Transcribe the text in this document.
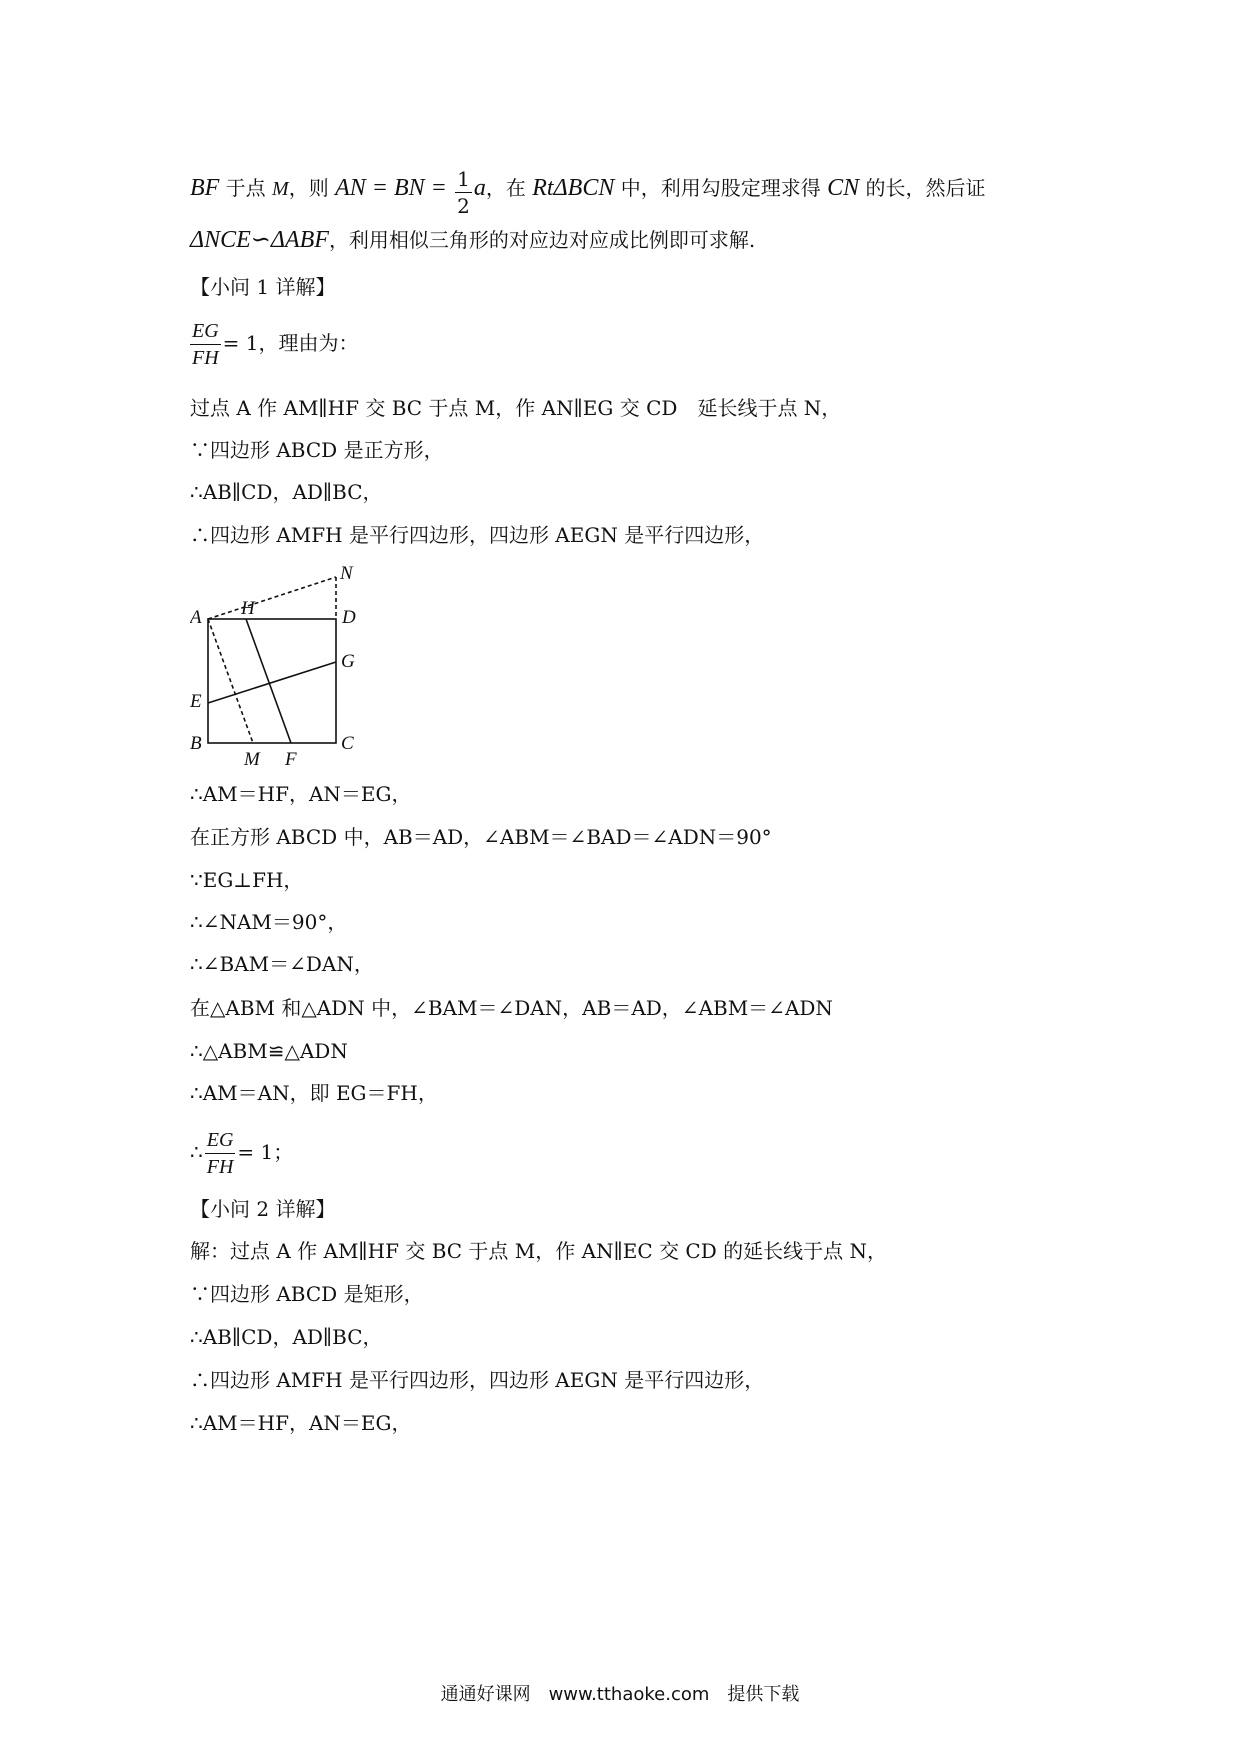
BF 于点 M，则 AN = BN = $\frac{1}{2}$ a，在 RtΔBCN 中，利用勾股定理求得 CN 的长，然后证
ΔNCE∽ΔABF，利用相似三角形的对应边对应成比例即可求解.
【小问 1 详解】
$\frac{EG}{FH} = 1$，理由为：
过点 A 作 AM∥HF 交 BC 于点 M，作 AN∥EG 交 CD　延长线于点 N，
∵四边形 ABCD 是正方形，
∴AB∥CD，AD∥BC，
∴四边形 AMFH 是平行四边形，四边形 AEGN 是平行四边形，
A H	D
N
G
E
B
M F
C
∴AM＝HF，AN＝EG，
在正方形 ABCD 中，AB＝AD，∠ABM＝∠BAD＝∠ADN＝90°
∵EG⊥FH，
∴∠NAM＝90°，
∴∠BAM＝∠DAN，
在△ABM 和△ADN 中，∠BAM＝∠DAN，AB＝AD，∠ABM＝∠ADN
∴△ABM≌△ADN
∴AM＝AN，即 EG＝FH，
∴ $\frac{EG}{FH} = 1$；
【小问 2 详解】
解：过点 A 作 AM∥HF 交 BC 于点 M，作 AN∥EC 交 CD 的延长线于点 N，
∵四边形 ABCD 是矩形，
∴AB∥CD，AD∥BC，
∴四边形 AMFH 是平行四边形，四边形 AEGN 是平行四边形，
∴AM＝HF，AN＝EG，
通通好课网　www.tthaoke.com　提供下载
